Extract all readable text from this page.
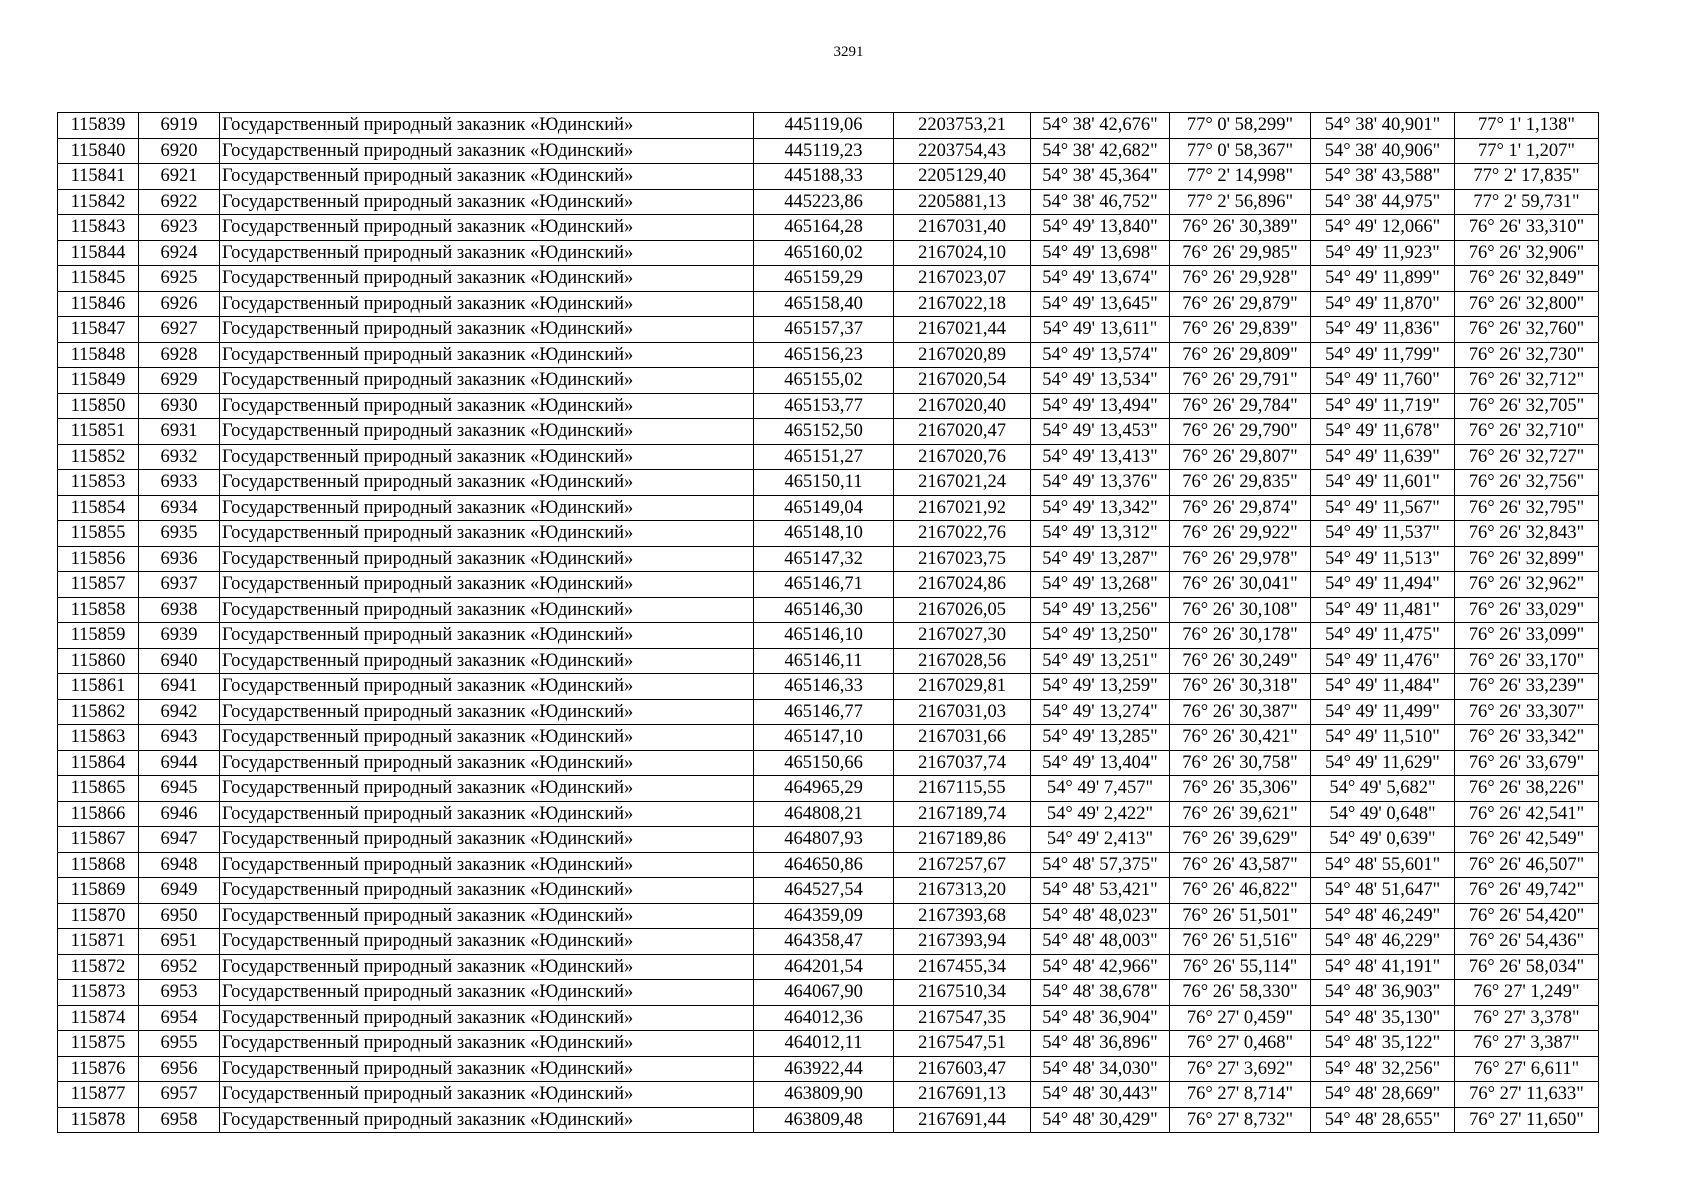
3291
115839	6919	Государственный природный заказник «Юдинский»	445119,06	2203753,21	54° 38' 42,676"	77° 0' 58,299"	54° 38' 40,901"	77° 1' 1,138"
115840	6920	Государственный природный заказник «Юдинский»	445119,23	2203754,43	54° 38' 42,682"	77° 0' 58,367"	54° 38' 40,906"	77° 1' 1,207"
115841	6921	Государственный природный заказник «Юдинский»	445188,33	2205129,40	54° 38' 45,364"	77° 2' 14,998"	54° 38' 43,588"	77° 2' 17,835"
115842	6922	Государственный природный заказник «Юдинский»	445223,86	2205881,13	54° 38' 46,752"	77° 2' 56,896"	54° 38' 44,975"	77° 2' 59,731"
115843	6923	Государственный природный заказник «Юдинский»	465164,28	2167031,40	54° 49' 13,840"	76° 26' 30,389"	54° 49' 12,066"	76° 26' 33,310"
115844	6924	Государственный природный заказник «Юдинский»	465160,02	2167024,10	54° 49' 13,698"	76° 26' 29,985"	54° 49' 11,923"	76° 26' 32,906"
115845	6925	Государственный природный заказник «Юдинский»	465159,29	2167023,07	54° 49' 13,674"	76° 26' 29,928"	54° 49' 11,899"	76° 26' 32,849"
115846	6926	Государственный природный заказник «Юдинский»	465158,40	2167022,18	54° 49' 13,645"	76° 26' 29,879"	54° 49' 11,870"	76° 26' 32,800"
115847	6927	Государственный природный заказник «Юдинский»	465157,37	2167021,44	54° 49' 13,611"	76° 26' 29,839"	54° 49' 11,836"	76° 26' 32,760"
115848	6928	Государственный природный заказник «Юдинский»	465156,23	2167020,89	54° 49' 13,574"	76° 26' 29,809"	54° 49' 11,799"	76° 26' 32,730"
115849	6929	Государственный природный заказник «Юдинский»	465155,02	2167020,54	54° 49' 13,534"	76° 26' 29,791"	54° 49' 11,760"	76° 26' 32,712"
115850	6930	Государственный природный заказник «Юдинский»	465153,77	2167020,40	54° 49' 13,494"	76° 26' 29,784"	54° 49' 11,719"	76° 26' 32,705"
115851	6931	Государственный природный заказник «Юдинский»	465152,50	2167020,47	54° 49' 13,453"	76° 26' 29,790"	54° 49' 11,678"	76° 26' 32,710"
115852	6932	Государственный природный заказник «Юдинский»	465151,27	2167020,76	54° 49' 13,413"	76° 26' 29,807"	54° 49' 11,639"	76° 26' 32,727"
115853	6933	Государственный природный заказник «Юдинский»	465150,11	2167021,24	54° 49' 13,376"	76° 26' 29,835"	54° 49' 11,601"	76° 26' 32,756"
115854	6934	Государственный природный заказник «Юдинский»	465149,04	2167021,92	54° 49' 13,342"	76° 26' 29,874"	54° 49' 11,567"	76° 26' 32,795"
115855	6935	Государственный природный заказник «Юдинский»	465148,10	2167022,76	54° 49' 13,312"	76° 26' 29,922"	54° 49' 11,537"	76° 26' 32,843"
115856	6936	Государственный природный заказник «Юдинский»	465147,32	2167023,75	54° 49' 13,287"	76° 26' 29,978"	54° 49' 11,513"	76° 26' 32,899"
115857	6937	Государственный природный заказник «Юдинский»	465146,71	2167024,86	54° 49' 13,268"	76° 26' 30,041"	54° 49' 11,494"	76° 26' 32,962"
115858	6938	Государственный природный заказник «Юдинский»	465146,30	2167026,05	54° 49' 13,256"	76° 26' 30,108"	54° 49' 11,481"	76° 26' 33,029"
115859	6939	Государственный природный заказник «Юдинский»	465146,10	2167027,30	54° 49' 13,250"	76° 26' 30,178"	54° 49' 11,475"	76° 26' 33,099"
115860	6940	Государственный природный заказник «Юдинский»	465146,11	2167028,56	54° 49' 13,251"	76° 26' 30,249"	54° 49' 11,476"	76° 26' 33,170"
115861	6941	Государственный природный заказник «Юдинский»	465146,33	2167029,81	54° 49' 13,259"	76° 26' 30,318"	54° 49' 11,484"	76° 26' 33,239"
115862	6942	Государственный природный заказник «Юдинский»	465146,77	2167031,03	54° 49' 13,274"	76° 26' 30,387"	54° 49' 11,499"	76° 26' 33,307"
115863	6943	Государственный природный заказник «Юдинский»	465147,10	2167031,66	54° 49' 13,285"	76° 26' 30,421"	54° 49' 11,510"	76° 26' 33,342"
115864	6944	Государственный природный заказник «Юдинский»	465150,66	2167037,74	54° 49' 13,404"	76° 26' 30,758"	54° 49' 11,629"	76° 26' 33,679"
115865	6945	Государственный природный заказник «Юдинский»	464965,29	2167115,55	54° 49' 7,457"	76° 26' 35,306"	54° 49' 5,682"	76° 26' 38,226"
115866	6946	Государственный природный заказник «Юдинский»	464808,21	2167189,74	54° 49' 2,422"	76° 26' 39,621"	54° 49' 0,648"	76° 26' 42,541"
115867	6947	Государственный природный заказник «Юдинский»	464807,93	2167189,86	54° 49' 2,413"	76° 26' 39,629"	54° 49' 0,639"	76° 26' 42,549"
115868	6948	Государственный природный заказник «Юдинский»	464650,86	2167257,67	54° 48' 57,375"	76° 26' 43,587"	54° 48' 55,601"	76° 26' 46,507"
115869	6949	Государственный природный заказник «Юдинский»	464527,54	2167313,20	54° 48' 53,421"	76° 26' 46,822"	54° 48' 51,647"	76° 26' 49,742"
115870	6950	Государственный природный заказник «Юдинский»	464359,09	2167393,68	54° 48' 48,023"	76° 26' 51,501"	54° 48' 46,249"	76° 26' 54,420"
115871	6951	Государственный природный заказник «Юдинский»	464358,47	2167393,94	54° 48' 48,003"	76° 26' 51,516"	54° 48' 46,229"	76° 26' 54,436"
115872	6952	Государственный природный заказник «Юдинский»	464201,54	2167455,34	54° 48' 42,966"	76° 26' 55,114"	54° 48' 41,191"	76° 26' 58,034"
115873	6953	Государственный природный заказник «Юдинский»	464067,90	2167510,34	54° 48' 38,678"	76° 26' 58,330"	54° 48' 36,903"	76° 27' 1,249"
115874	6954	Государственный природный заказник «Юдинский»	464012,36	2167547,35	54° 48' 36,904"	76° 27' 0,459"	54° 48' 35,130"	76° 27' 3,378"
115875	6955	Государственный природный заказник «Юдинский»	464012,11	2167547,51	54° 48' 36,896"	76° 27' 0,468"	54° 48' 35,122"	76° 27' 3,387"
115876	6956	Государственный природный заказник «Юдинский»	463922,44	2167603,47	54° 48' 34,030"	76° 27' 3,692"	54° 48' 32,256"	76° 27' 6,611"
115877	6957	Государственный природный заказник «Юдинский»	463809,90	2167691,13	54° 48' 30,443"	76° 27' 8,714"	54° 48' 28,669"	76° 27' 11,633"
115878	6958	Государственный природный заказник «Юдинский»	463809,48	2167691,44	54° 48' 30,429"	76° 27' 8,732"	54° 48' 28,655"	76° 27' 11,650"
